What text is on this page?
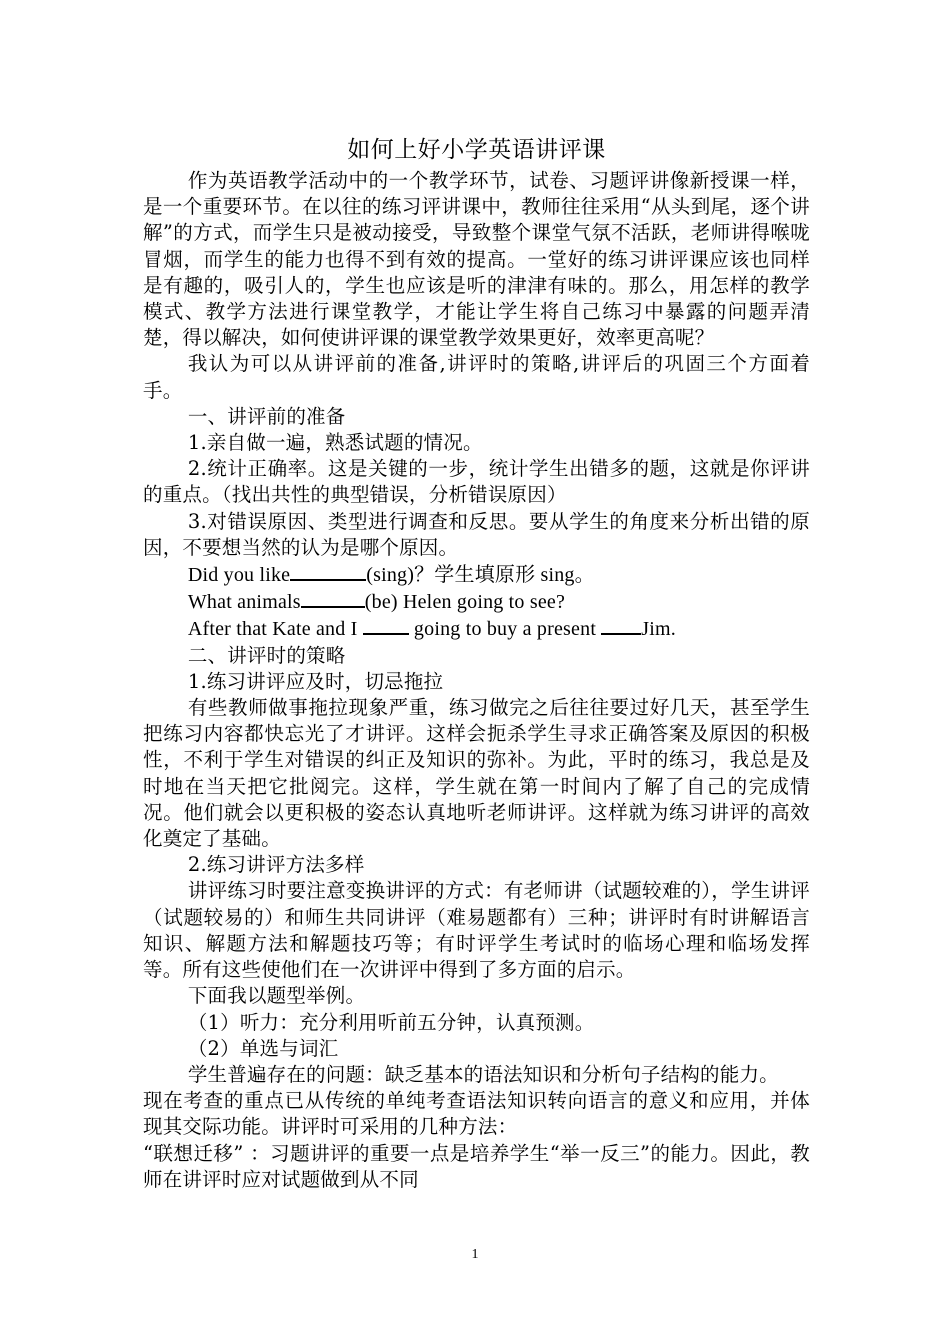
如何上好小学英语讲评课

作为英语教学活动中的一个教学环节，试卷、习题评讲像新授课一样，是一个重要环节。在以往的练习评讲课中，教师往往采用“从头到尾，逐个讲解”的方式，而学生只是被动接受，导致整个课堂气氛不活跃，老师讲得喉咙冒烟，而学生的能力也得不到有效的提高。一堂好的练习讲评课应该也同样是有趣的，吸引人的，学生也应该是听的津津有味的。那么，用怎样的教学模式、教学方法进行课堂教学，才能让学生将自己练习中暴露的问题弄清楚，得以解决，如何使讲评课的课堂教学效果更好，效率更高呢？

我认为可以从讲评前的准备,讲评时的策略,讲评后的巩固三个方面着手。

一、讲评前的准备

1.亲自做一遍，熟悉试题的情况。

2.统计正确率。这是关键的一步，统计学生出错多的题，这就是你评讲的重点。（找出共性的典型错误，分析错误原因）

3.对错误原因、类型进行调查和反思。要从学生的角度来分析出错的原因，不要想当然的认为是哪个原因。

Did you like	(sing)？学生填原形 sing。

What animals	(be) Helen going to see?

After that Kate and I  going to buy a present Jim.

二、讲评时的策略

1.练习讲评应及时，切忌拖拉

有些教师做事拖拉现象严重，练习做完之后往往要过好几天，甚至学生把练习内容都快忘光了才讲评。这样会扼杀学生寻求正确答案及原因的积极性，不利于学生对错误的纠正及知识的弥补。为此，平时的练习，我总是及时地在当天把它批阅完。这样，学生就在第一时间内了解了自己的完成情况。他们就会以更积极的姿态认真地听老师讲评。这样就为练习讲评的高效化奠定了基础。

2.练习讲评方法多样

讲评练习时要注意变换讲评的方式：有老师讲（试题较难的），学生讲评（试题较易的）和师生共同讲评（难易题都有）三种；讲评时有时讲解语言知识、解题方法和解题技巧等；有时评学生考试时的临场心理和临场发挥等。所有这些使他们在一次讲评中得到了多方面的启示。

下面我以题型举例。

（1）听力：充分利用听前五分钟，认真预测。

（2）单选与词汇

学生普遍存在的问题：缺乏基本的语法知识和分析句子结构的能力。

现在考查的重点已从传统的单纯考查语法知识转向语言的意义和应用，并体现其交际功能。讲评时可采用的几种方法：

“联想迁移” ：习题讲评的重要一点是培养学生“举一反三”的能力。因此，教师在讲评时应对试题做到从不同

1
